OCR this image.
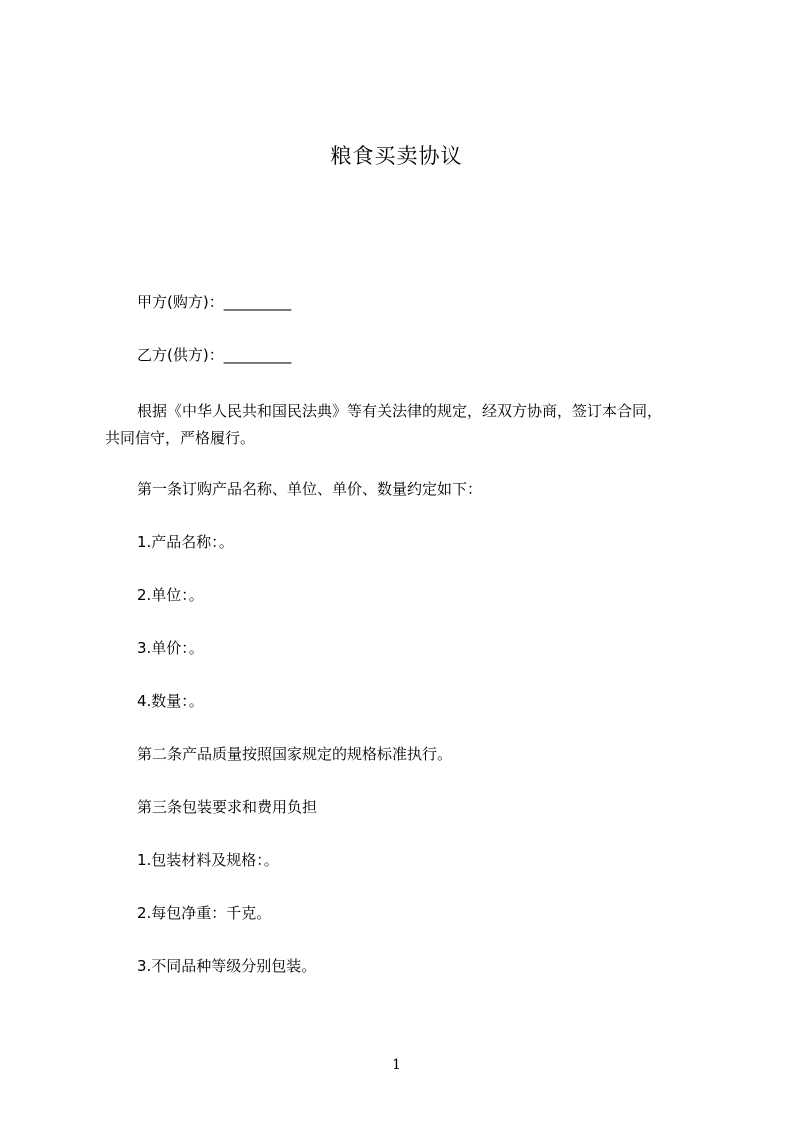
粮食买卖协议
甲方(购方)：_________
乙方(供方)：_________
根据《中华人民共和国民法典》等有关法律的规定，经双方协商，签订本合同，
共同信守，严格履行。
第一条订购产品名称、单位、单价、数量约定如下：
1.产品名称：。
2.单位：。
3.单价：。
4.数量：。
第二条产品质量按照国家规定的规格标准执行。
第三条包装要求和费用负担
1.包装材料及规格：。
2.每包净重：千克。
3.不同品种等级分别包装。
1
